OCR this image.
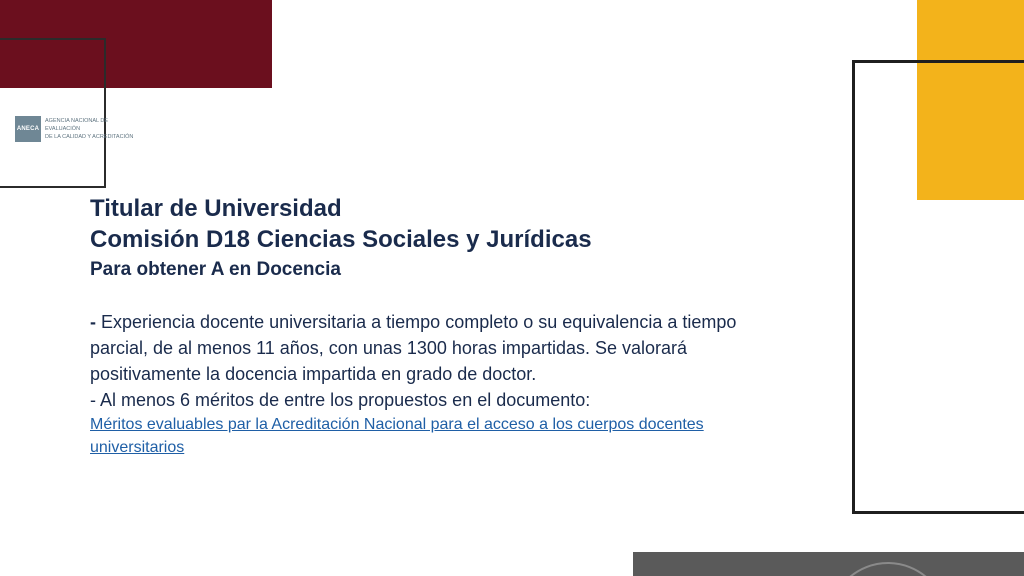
ANECA
AGENCIA NACIONAL DE EVALUACIÓN
DE LA CALIDAD Y ACREDITACIÓN
Titular de Universidad
Comisión D18 Ciencias Sociales y Jurídicas
Para obtener A en Docencia
- Experiencia docente universitaria a tiempo completo o su equivalencia a tiempo parcial, de al menos 11 años, con unas 1300 horas impartidas. Se valorará positivamente la docencia impartida en grado de doctor.
- Al menos 6 méritos de entre los propuestos en el documento:
Méritos evaluables par la Acreditación Nacional para el acceso a los cuerpos docentes universitarios
